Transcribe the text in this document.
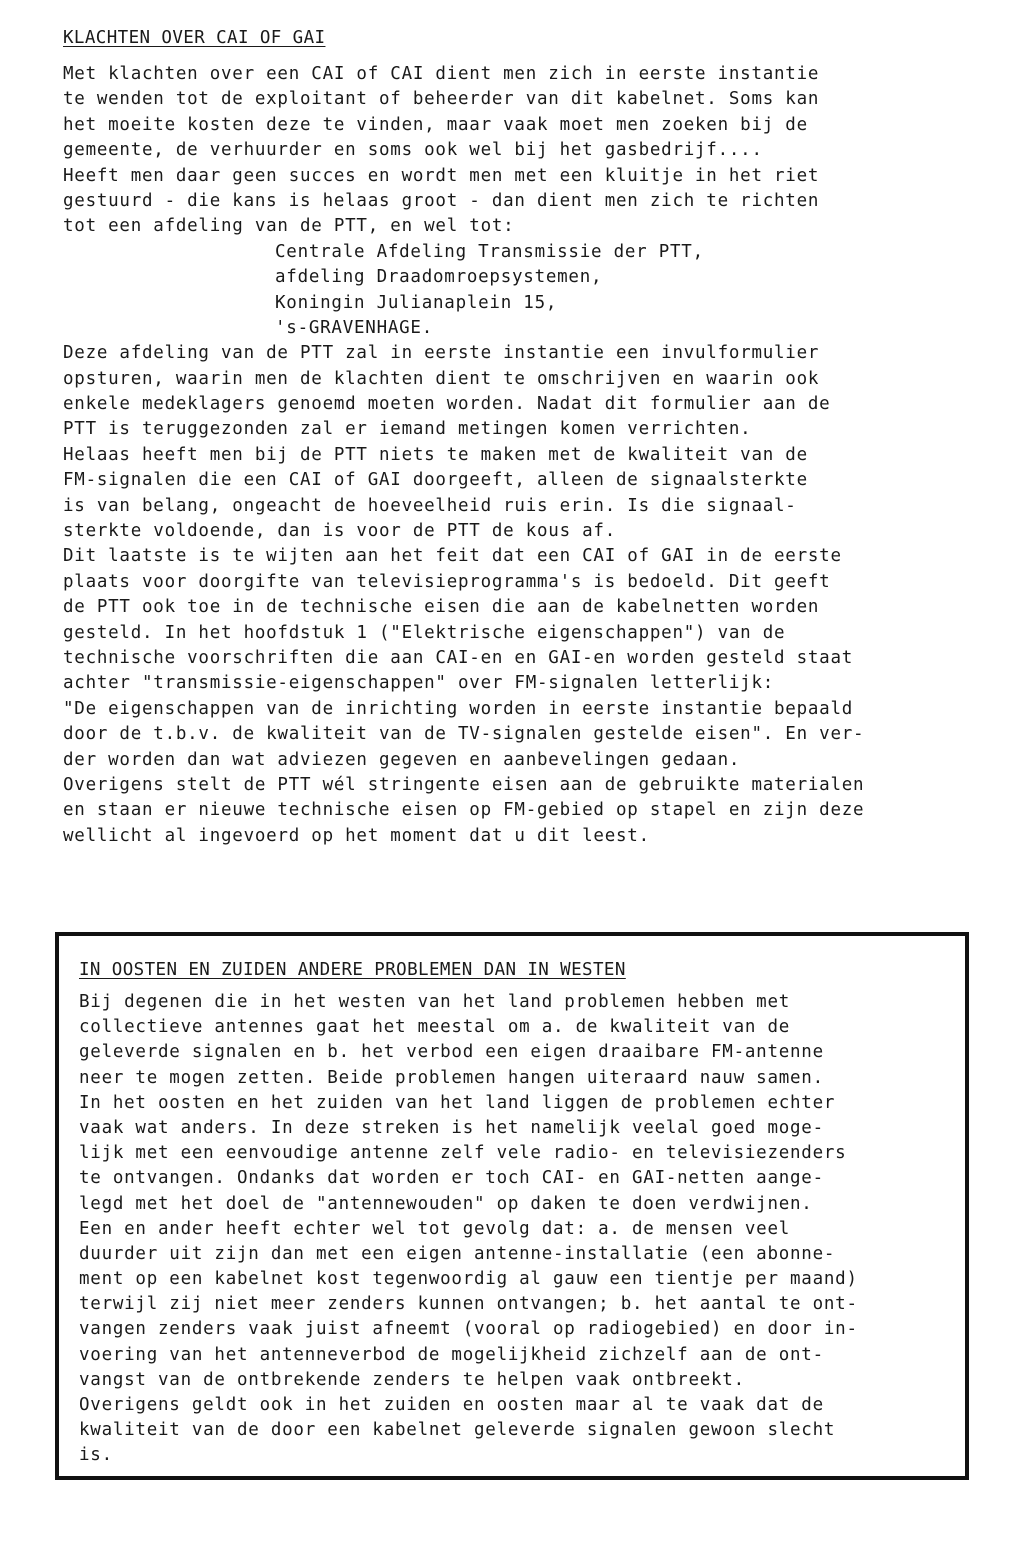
KLACHTEN OVER CAI OF GAI
Met klachten over een CAI of CAI dient men zich in eerste instantie
te wenden tot de exploitant of beheerder van dit kabelnet. Soms kan
het moeite kosten deze te vinden, maar vaak moet men zoeken bij de
gemeente, de verhuurder en soms ook wel bij het gasbedrijf....
Heeft men daar geen succes en wordt men met een kluitje in het riet
gestuurd - die kans is helaas groot - dan dient men zich te richten
tot een afdeling van de PTT, en wel tot:
Centrale Afdeling Transmissie der PTT,
afdeling Draadomroepsystemen,
Koningin Julianaplein 15,
's-GRAVENHAGE.
Deze afdeling van de PTT zal in eerste instantie een invulformulier
opsturen, waarin men de klachten dient te omschrijven en waarin ook
enkele medeklagers genoemd moeten worden. Nadat dit formulier aan de
PTT is teruggezonden zal er iemand metingen komen verrichten.
Helaas heeft men bij de PTT niets te maken met de kwaliteit van de
FM-signalen die een CAI of GAI doorgeeft, alleen de signaalsterkte
is van belang, ongeacht de hoeveelheid ruis erin. Is die signaal-
sterkte voldoende, dan is voor de PTT de kous af.
Dit laatste is te wijten aan het feit dat een CAI of GAI in de eerste
plaats voor doorgifte van televisieprogramma's is bedoeld. Dit geeft
de PTT ook toe in de technische eisen die aan de kabelnetten worden
gesteld. In het hoofdstuk 1 ("Elektrische eigenschappen") van de
technische voorschriften die aan CAI-en en GAI-en worden gesteld staat
achter "transmissie-eigenschappen" over FM-signalen letterlijk:
"De eigenschappen van de inrichting worden in eerste instantie bepaald
door de t.b.v. de kwaliteit van de TV-signalen gestelde eisen". En ver-
der worden dan wat adviezen gegeven en aanbevelingen gedaan.
Overigens stelt de PTT wél stringente eisen aan de gebruikte materialen
en staan er nieuwe technische eisen op FM-gebied op stapel en zijn deze
wellicht al ingevoerd op het moment dat u dit leest.
IN OOSTEN EN ZUIDEN ANDERE PROBLEMEN DAN IN WESTEN
Bij degenen die in het westen van het land problemen hebben met
collectieve antennes gaat het meestal om a. de kwaliteit van de
geleverde signalen en b. het verbod een eigen draaibare FM-antenne
neer te mogen zetten. Beide problemen hangen uiteraard nauw samen.
In het oosten en het zuiden van het land liggen de problemen echter
vaak wat anders. In deze streken is het namelijk veelal goed moge-
lijk met een eenvoudige antenne zelf vele radio- en televisiezenders
te ontvangen. Ondanks dat worden er toch CAI- en GAI-netten aange-
legd met het doel de "antennewouden" op daken te doen verdwijnen.
Een en ander heeft echter wel tot gevolg dat: a. de mensen veel
duurder uit zijn dan met een eigen antenne-installatie (een abonne-
ment op een kabelnet kost tegenwoordig al gauw een tientje per maand)
terwijl zij niet meer zenders kunnen ontvangen; b. het aantal te ont-
vangen zenders vaak juist afneemt (vooral op radiogebied) en door in-
voering van het antenneverbod de mogelijkheid zichzelf aan de ont-
vangst van de ontbrekende zenders te helpen vaak ontbreekt.
Overigens geldt ook in het zuiden en oosten maar al te vaak dat de
kwaliteit van de door een kabelnet geleverde signalen gewoon slecht
is.
